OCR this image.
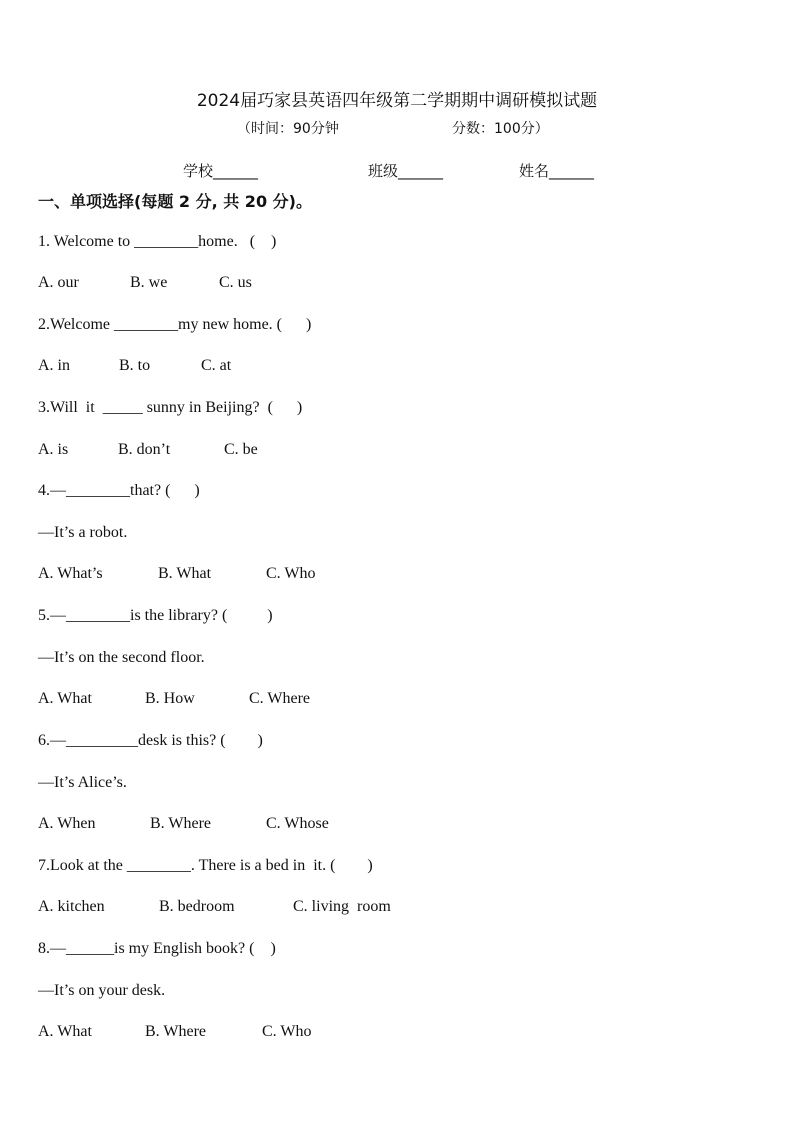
2024届巧家县英语四年级第二学期期中调研模拟试题
（时间：90分钟	分数：100分）
学校______	班级______	姓名______
一、单项选择(每题 2 分, 共 20 分)。
1. Welcome to ________home.   (    )
A. our	B. we	C. us
2.Welcome ________my new home. (      )
A. in	B. to	C. at
3.Will  it  _____ sunny in Beijing?  (      )
A. is	B. don’t	C. be
4.—________that? (      )
—It’s a robot.
A. What’s	B. What	C. Who
5.—________is the library? (          )
—It’s on the second floor.
A. What	B. How	C. Where
6.—_________desk is this? (        )
—It’s Alice’s.
A. When	B. Where	C. Whose
7.Look at the ________. There is a bed in  it. (        )
A. kitchen	B. bedroom	C. living  room
8.—______is my English book? (    )
—It’s on your desk.
A. What	B. Where	C. Who
